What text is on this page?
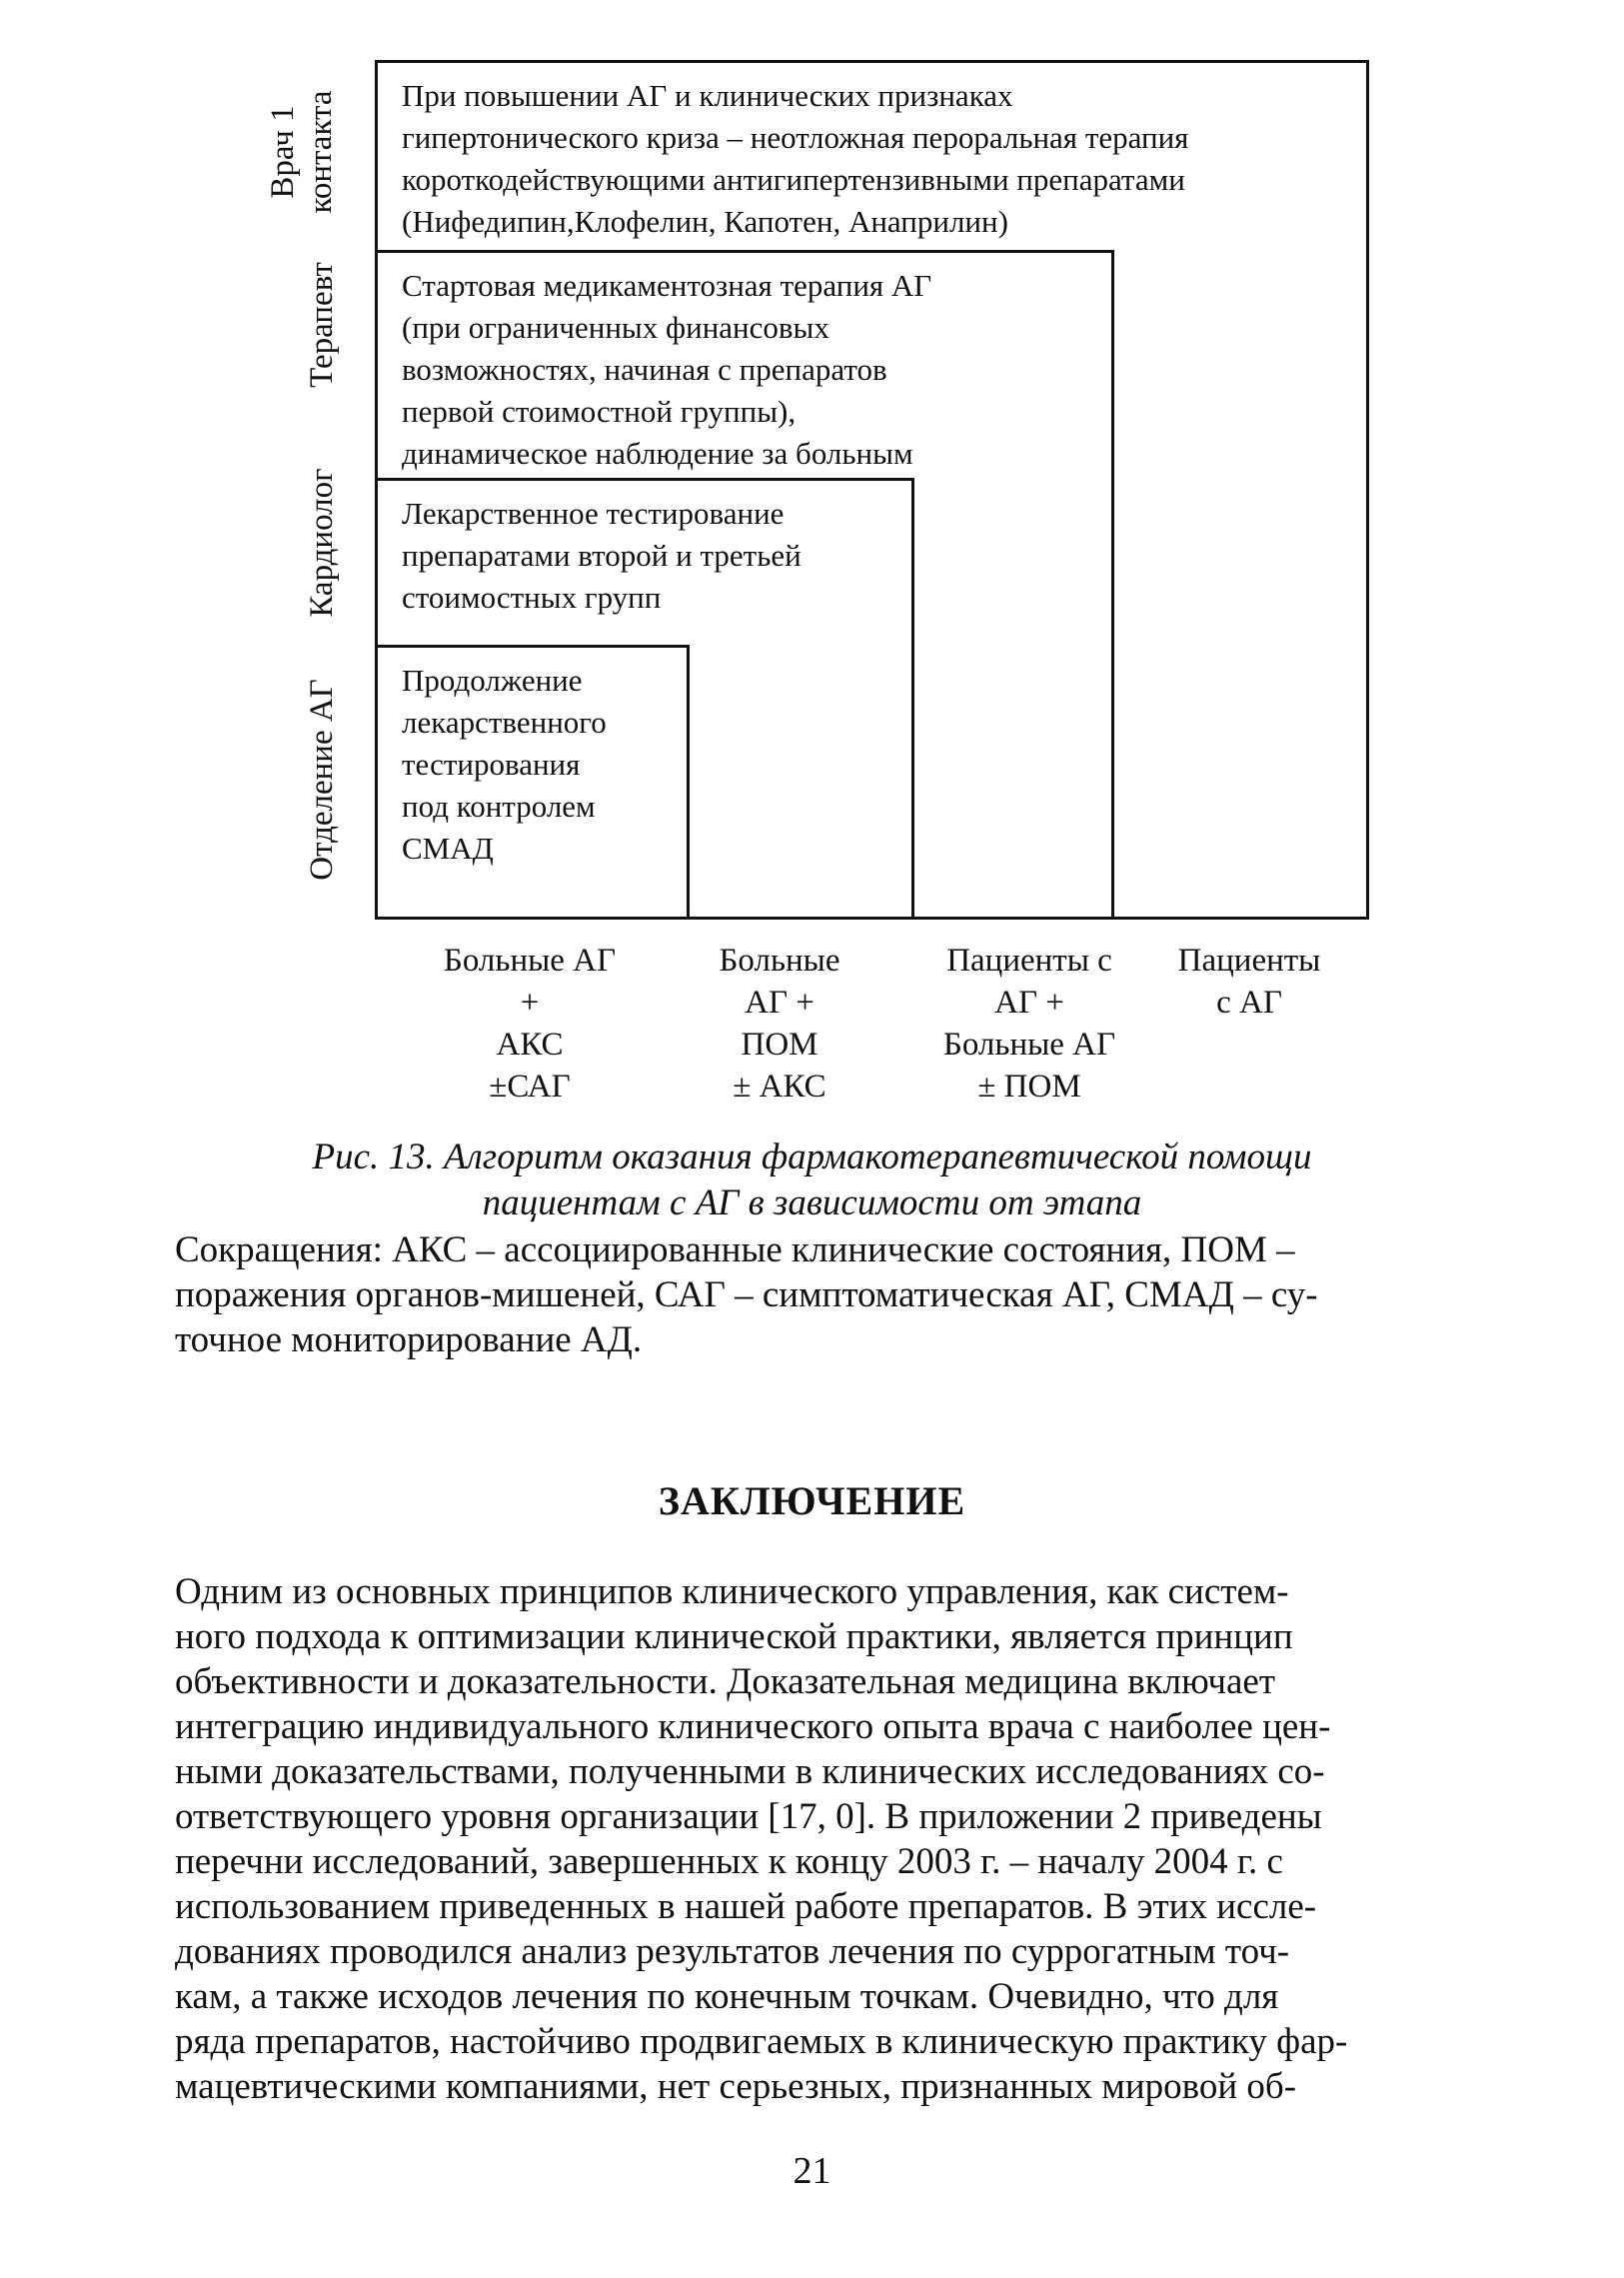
Врач 1 контакта
Терапевт
Кардиолог
Отделение АГ
При повышении АГ и клинических признаках
гипертонического криза – неотложная пероральная терапия
короткодействующими антигипертензивными препаратами
(Нифедипин,Клофелин, Капотен, Анаприлин)
Стартовая медикаментозная терапия АГ
(при ограниченных финансовых
возможностях, начиная с препаратов
первой стоимостной группы),
динамическое наблюдение за больным
Лекарственное тестирование
препаратами второй и третьей
стоимостных групп
Продолжение
лекарственного
тестирования
под контролем
СМАД
Больные АГ
+
АКС
±САГ
Больные
АГ +
ПОМ
± АКС
Пациенты с
АГ +
Больные АГ
± ПОМ
Пациенты
с АГ
Рис. 13. Алгоритм оказания фармакотерапевтической помощи
пациентам с АГ в зависимости от этапа
Сокращения: АКС – ассоциированные клинические состояния, ПОМ –
поражения органов-мишеней, САГ – симптоматическая АГ, СМАД – су-
точное мониторирование АД.
ЗАКЛЮЧЕНИЕ
Одним из основных принципов клинического управления, как систем-
ного подхода к оптимизации клинической практики, является принцип
объективности и доказательности. Доказательная медицина включает
интеграцию индивидуального клинического опыта врача с наиболее цен-
ными доказательствами, полученными в клинических исследованиях со-
ответствующего уровня организации [17, 0]. В приложении 2 приведены
перечни исследований, завершенных к концу 2003 г. – началу 2004 г. с
использованием приведенных в нашей работе препаратов. В этих иссле-
дованиях проводился анализ результатов лечения по суррогатным точ-
кам, а также исходов лечения по конечным точкам. Очевидно, что для
ряда препаратов, настойчиво продвигаемых в клиническую практику фар-
мацевтическими компаниями, нет серьезных, признанных мировой об-
21
